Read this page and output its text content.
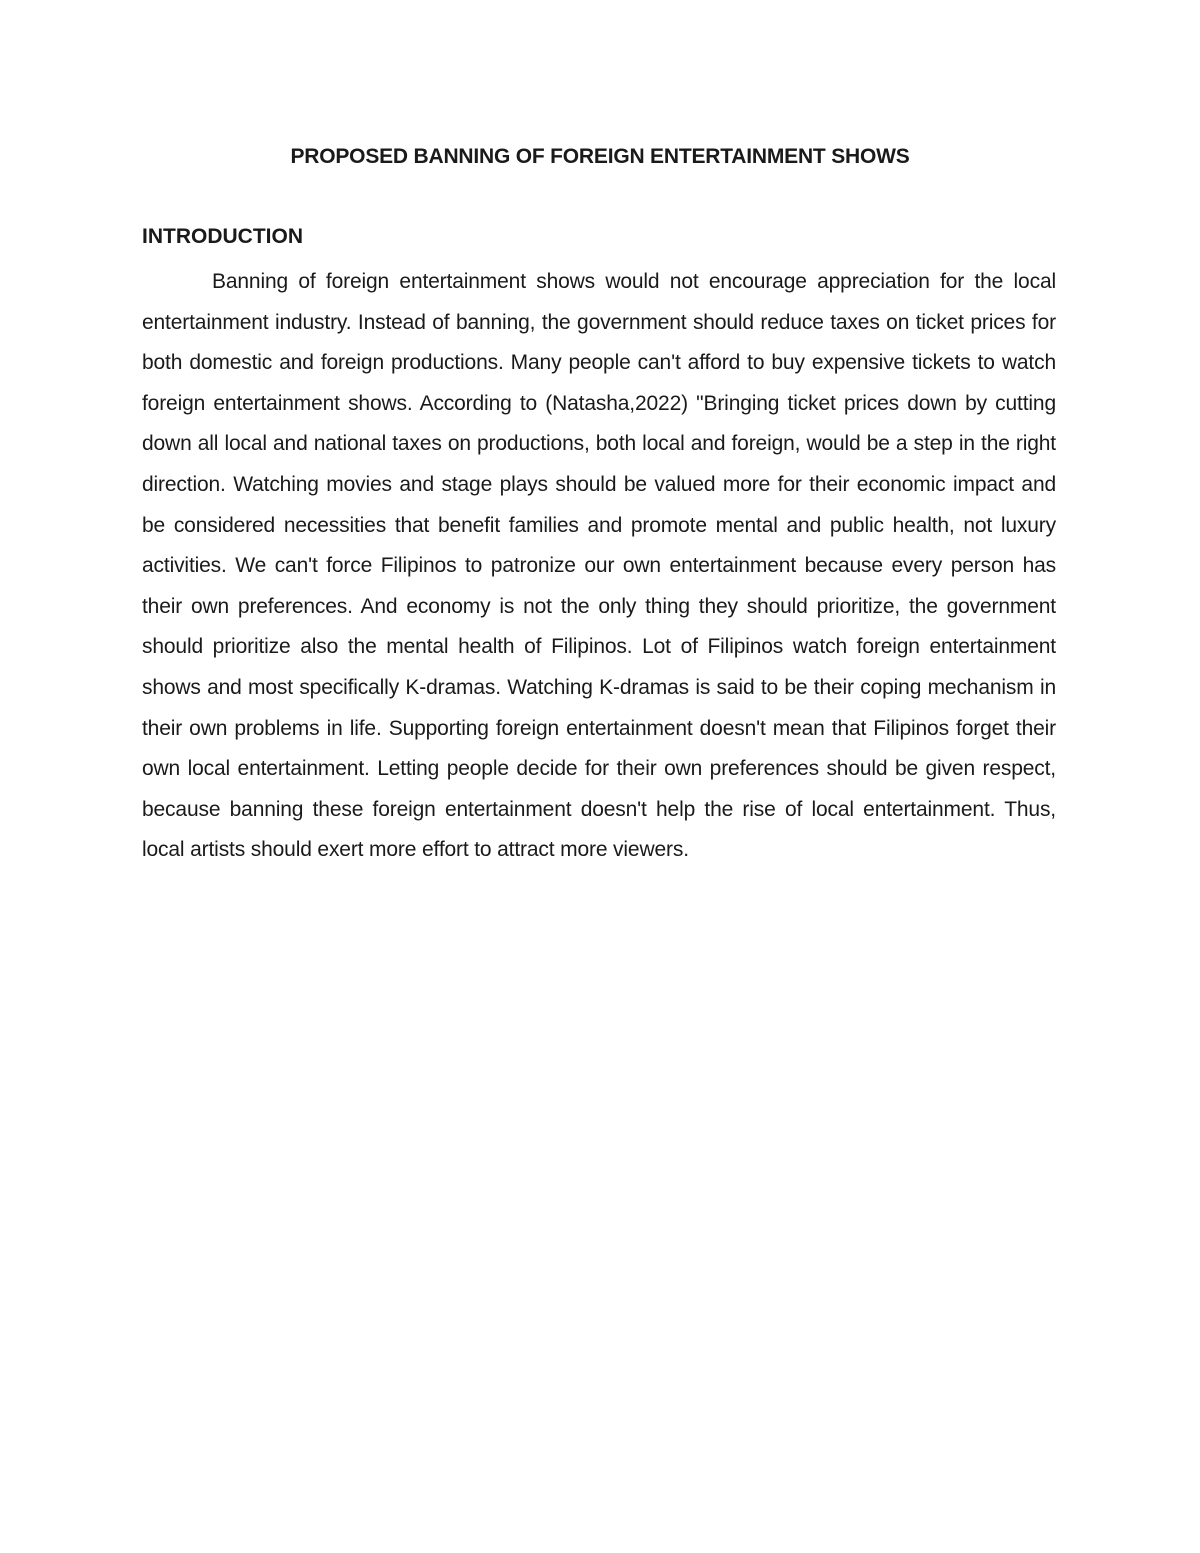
PROPOSED BANNING OF FOREIGN ENTERTAINMENT SHOWS
INTRODUCTION

Banning of foreign entertainment shows would not encourage appreciation for the local entertainment industry. Instead of banning, the government should reduce taxes on ticket prices for both domestic and foreign productions. Many people can't afford to buy expensive tickets to watch foreign entertainment shows. According to (Natasha,2022) "Bringing ticket prices down by cutting down all local and national taxes on productions, both local and foreign, would be a step in the right direction. Watching movies and stage plays should be valued more for their economic impact and be considered necessities that benefit families and promote mental and public health, not luxury activities. We can't force Filipinos to patronize our own entertainment because every person has their own preferences. And economy is not the only thing they should prioritize, the government should prioritize also the mental health of Filipinos. Lot of Filipinos watch foreign entertainment shows and most specifically K-dramas. Watching K-dramas is said to be their coping mechanism in their own problems in life. Supporting foreign entertainment doesn't mean that Filipinos forget their own local entertainment. Letting people decide for their own preferences should be given respect, because banning these foreign entertainment doesn't help the rise of local entertainment. Thus, local artists should exert more effort to attract more viewers.
